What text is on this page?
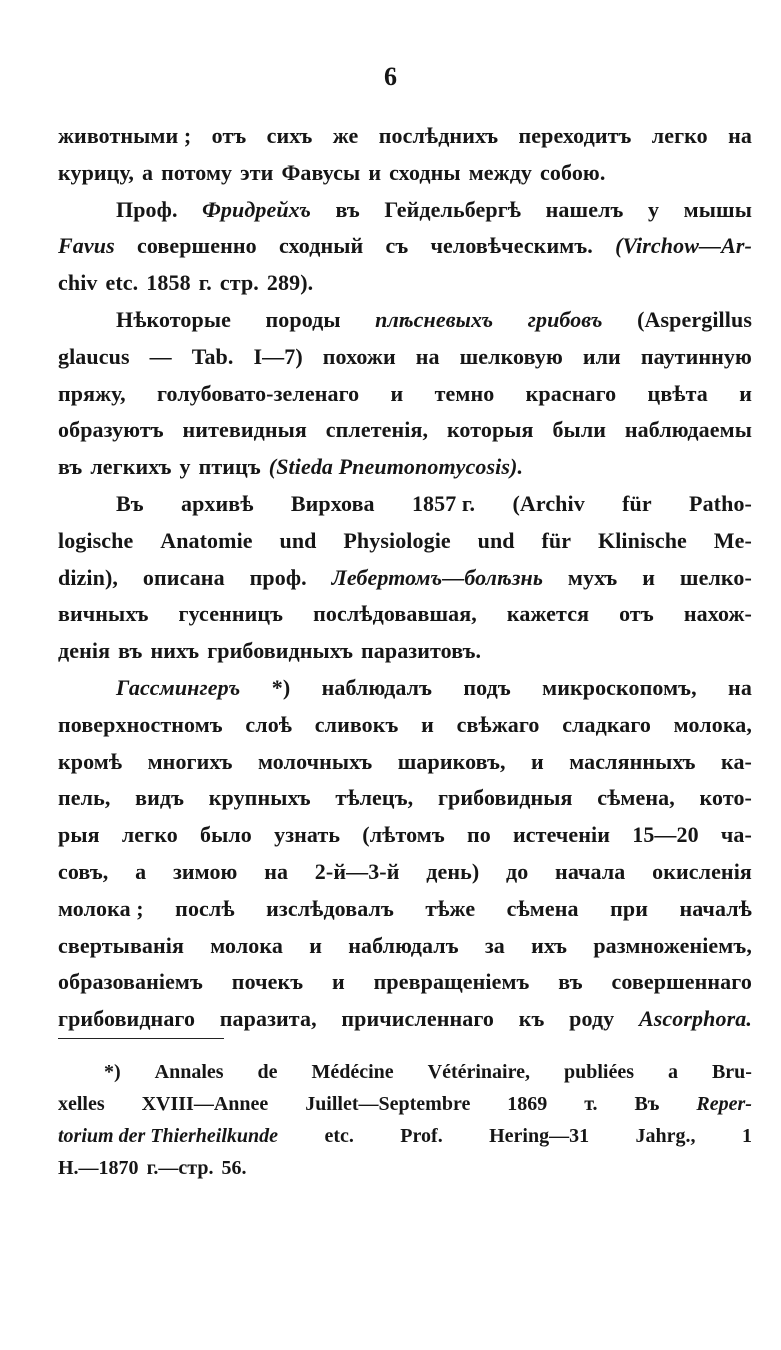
6
животными ; отъ сихъ же послѣднихъ переходитъ легко на
курицу, а потому эти Фавусы и сходны между собою.
Проф. Фридрейхъ въ Гейдельбергѣ нашелъ у мышы
Favus совершенно сходный съ человѣческимъ. (Virchow—Ar-
chiv etc. 1858 г. стр. 289).
Нѣкоторые породы плѣсневыхъ грибовъ (Aspergillus
glaucus — Tab. I—7) похожи на шелковую или паутинную
пряжу, голубовато-зеленаго и темно краснаго цвѣта и
образуютъ нитевидныя сплетенія, которыя были наблюдаемы
въ легкихъ у птицъ (Stieda Pneumonomycosis).
Въ архивѣ Вирхова 1857 г. (Archiv für Patho-
logische Anatomie und Physiologie und für Klinische Me-
dizin), описана проф. Лебертомъ—болѣзнь мухъ и шелко-
вичныхъ гусенницъ послѣдовавшая, кажется отъ нахож-
денія въ нихъ грибовидныхъ паразитовъ.
Гассмингеръ *) наблюдалъ подъ микроскопомъ, на
поверхностномъ слоѣ сливокъ и свѣжаго сладкаго молока,
кромѣ многихъ молочныхъ шариковъ, и маслянныхъ ка-
пель, видъ крупныхъ тѣлецъ, грибовидныя сѣмена, кото-
рыя легко было узнать (лѣтомъ по истеченіи 15—20 ча-
совъ, а зимою на 2-й—3-й день) до начала окисленія
молока ; послѣ изслѣдовалъ тѣже сѣмена при началѣ
свертыванія молока и наблюдалъ за ихъ размноженіемъ,
образованіемъ почекъ и превращеніемъ въ совершеннаго
грибовиднаго паразита, причисленнаго къ роду Ascorphora.
*) Annales de Médécine Vétérinaire, publiées a Bru-
xelles XVIII—Annee Juillet—Septembre 1869 т. Въ Reper-
torium der Thierheilkunde etc. Prof. Hering—31 Jahrg., 1
H.—1870 г.—стр. 56.
